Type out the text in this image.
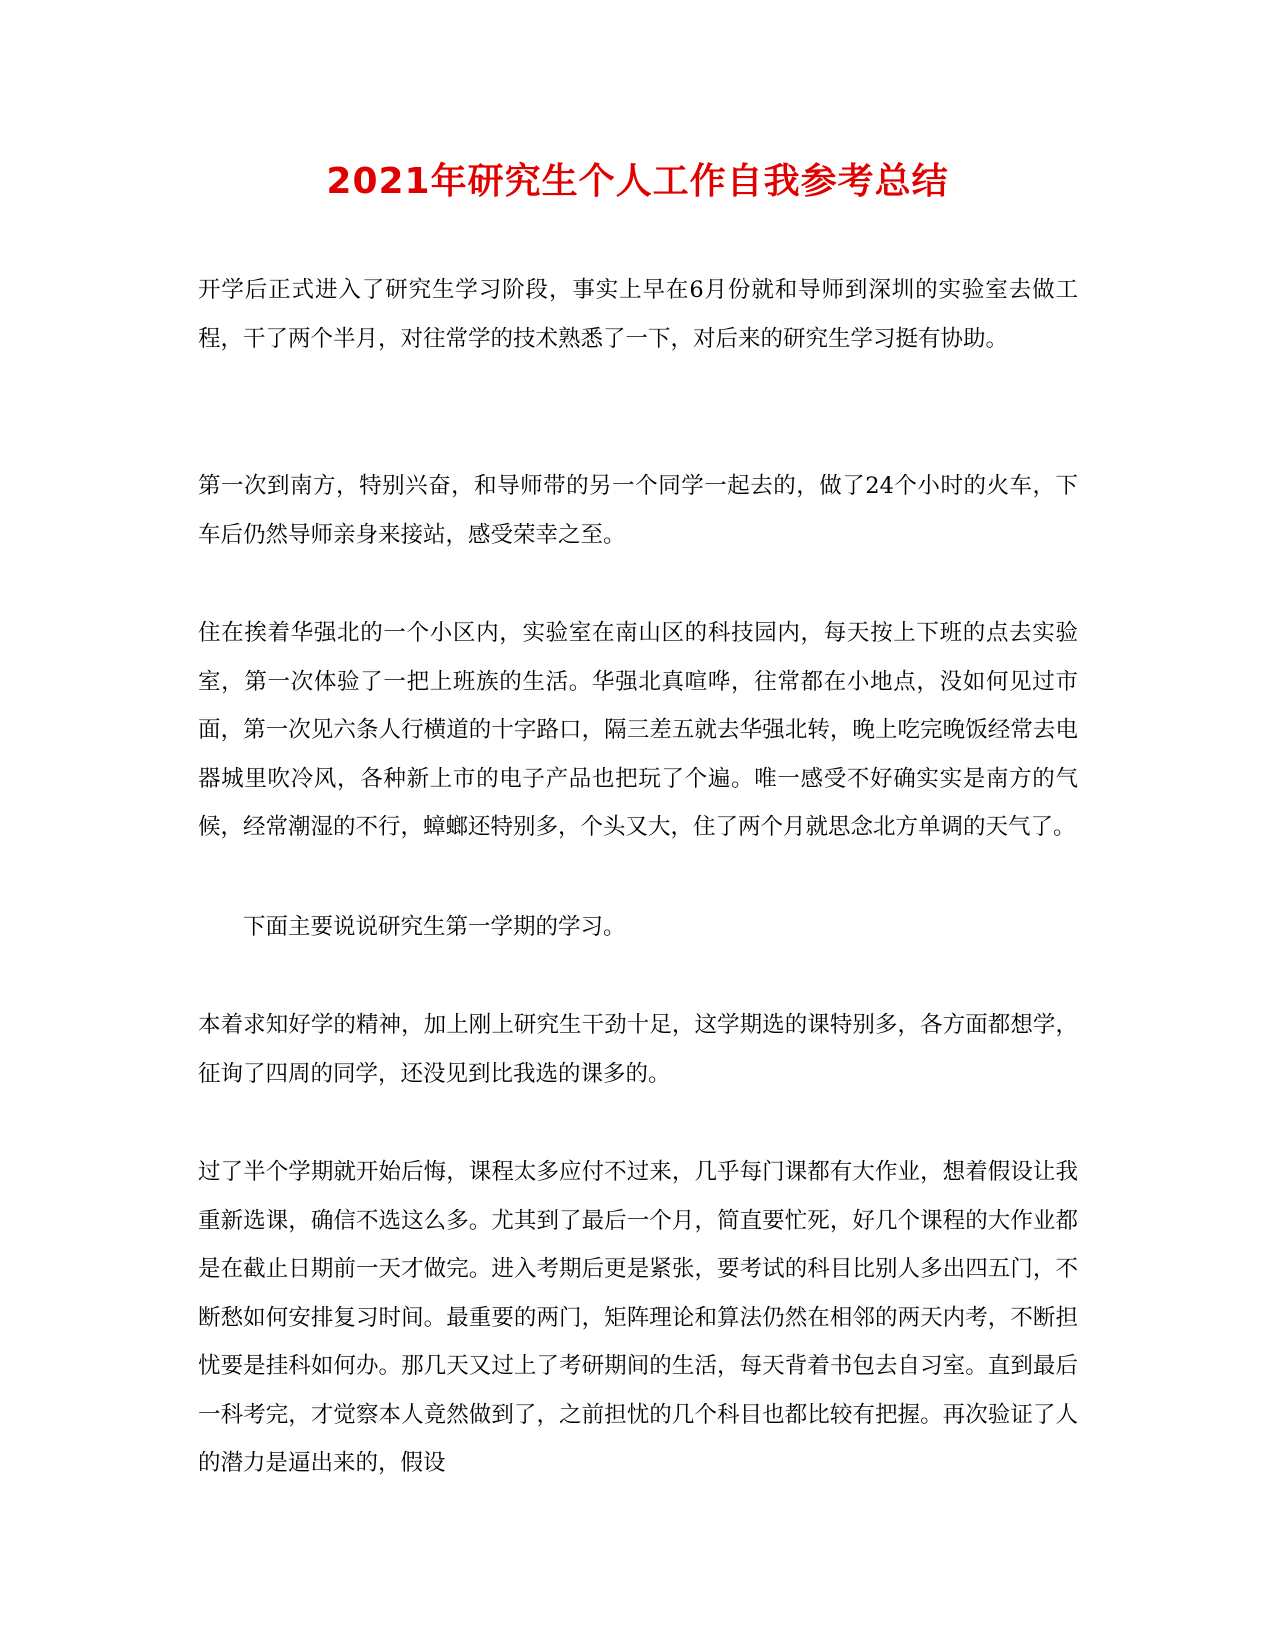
2021年研究生个人工作自我参考总结

开学后正式进入了研究生学习阶段，事实上早在6月份就和导师到深圳的实验室去做工程，干了两个半月，对往常学的技术熟悉了一下，对后来的研究生学习挺有协助。

第一次到南方，特别兴奋，和导师带的另一个同学一起去的，做了24个小时的火车，下车后仍然导师亲身来接站，感受荣幸之至。

住在挨着华强北的一个小区内，实验室在南山区的科技园内，每天按上下班的点去实验室，第一次体验了一把上班族的生活。华强北真喧哗，往常都在小地点，没如何见过市面，第一次见六条人行横道的十字路口，隔三差五就去华强北转，晚上吃完晚饭经常去电器城里吹冷风，各种新上市的电子产品也把玩了个遍。唯一感受不好确实实是南方的气候，经常潮湿的不行，蟑螂还特别多，个头又大，住了两个月就思念北方单调的天气了。

下面主要说说研究生第一学期的学习。

本着求知好学的精神，加上刚上研究生干劲十足，这学期选的课特别多，各方面都想学，征询了四周的同学，还没见到比我选的课多的。

过了半个学期就开始后悔，课程太多应付不过来，几乎每门课都有大作业，想着假设让我重新选课，确信不选这么多。尤其到了最后一个月，简直要忙死，好几个课程的大作业都是在截止日期前一天才做完。进入考期后更是紧张，要考试的科目比别人多出四五门，不断愁如何安排复习时间。最重要的两门，矩阵理论和算法仍然在相邻的两天内考，不断担忧要是挂科如何办。那几天又过上了考研期间的生活，每天背着书包去自习室。直到最后一科考完，才觉察本人竟然做到了，之前担忧的几个科目也都比较有把握。再次验证了人的潜力是逼出来的，假设
